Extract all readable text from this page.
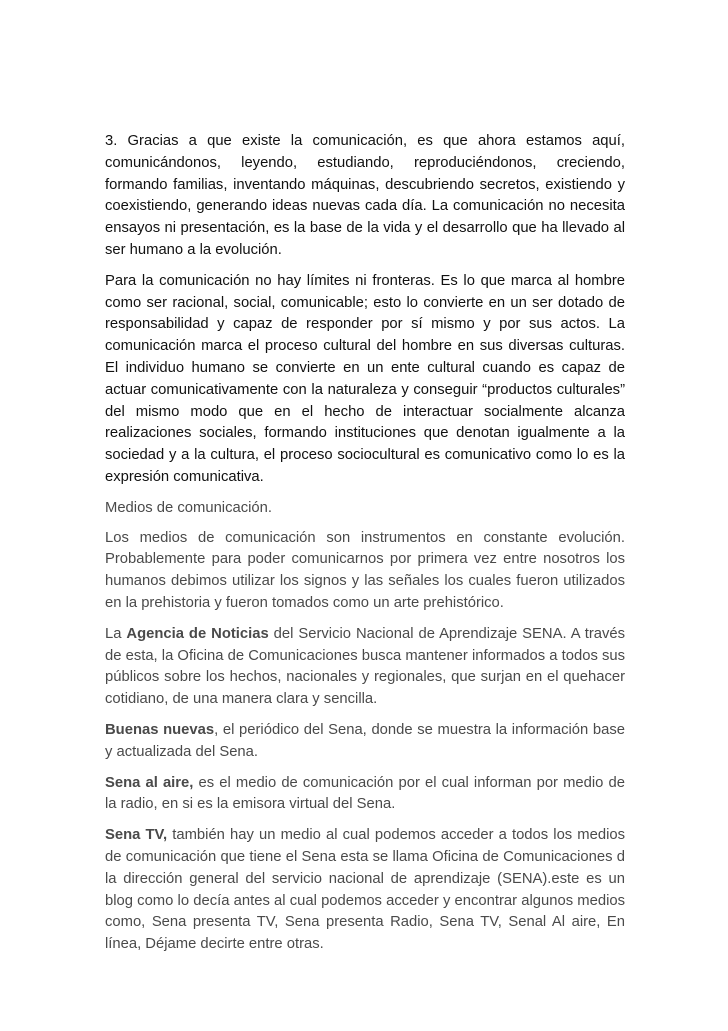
3. Gracias a que existe la comunicación, es que ahora estamos aquí, comunicándonos, leyendo, estudiando, reproduciéndonos, creciendo, formando familias, inventando máquinas, descubriendo secretos, existiendo y coexistiendo, generando ideas nuevas cada día. La comunicación no necesita ensayos ni presentación, es la base de la vida y el desarrollo que ha llevado al ser humano a la evolución.

Para la comunicación no hay límites ni fronteras. Es lo que marca al hombre como ser racional, social, comunicable; esto lo convierte en un ser dotado de responsabilidad y capaz de responder por sí mismo y por sus actos. La comunicación marca el proceso cultural del hombre en sus diversas culturas. El individuo humano se convierte en un ente cultural cuando es capaz de actuar comunicativamente con la naturaleza y conseguir “productos culturales” del mismo modo que en el hecho de interactuar socialmente alcanza realizaciones sociales, formando instituciones que denotan igualmente a la sociedad y a la cultura, el proceso sociocultural es comunicativo como lo es la expresión comunicativa.

Medios de comunicación.

Los medios de comunicación son instrumentos en constante evolución. Probablemente para poder comunicarnos por primera vez entre nosotros los humanos debimos utilizar los signos y las señales los cuales fueron utilizados en la prehistoria y fueron tomados como un arte prehistórico.

La Agencia de Noticias del Servicio Nacional de Aprendizaje SENA. A través de esta, la Oficina de Comunicaciones busca mantener informados a todos sus públicos sobre los hechos, nacionales y regionales, que surjan en el quehacer cotidiano, de una manera clara y sencilla.

Buenas nuevas, el periódico del Sena, donde se muestra la información base y actualizada del Sena.

Sena al aire, es el medio de comunicación por el cual informan por medio de la radio, en si es la emisora virtual del Sena.

Sena TV, también hay un medio al cual podemos acceder a todos los medios de comunicación que tiene el Sena esta se llama Oficina de Comunicaciones d la dirección general del servicio nacional de aprendizaje (SENA).este es un blog como lo decía antes al cual podemos acceder y encontrar algunos medios como, Sena presenta TV, Sena presenta Radio, Sena TV, Senal Al aire, En línea, Déjame decirte entre otras.
